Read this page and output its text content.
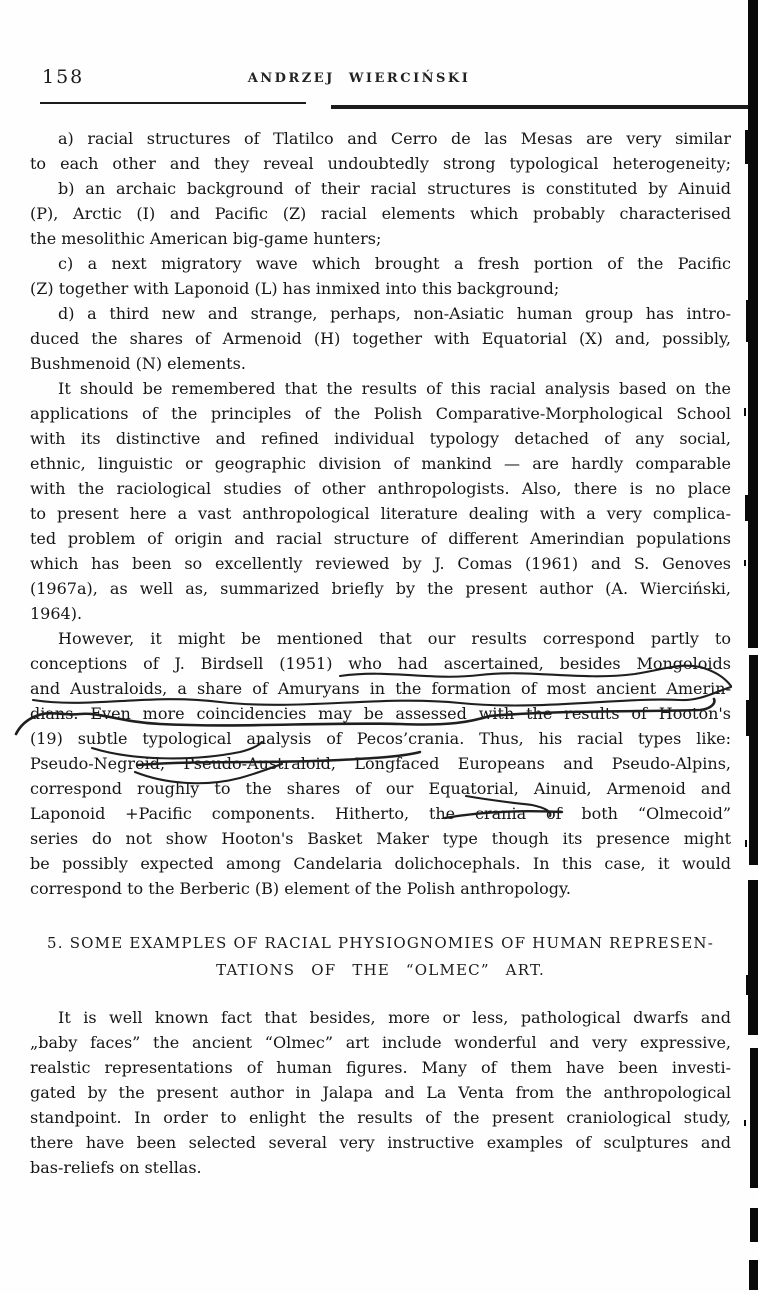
158	ANDRZEJ WIERCIŃSKI
a) racial structures of Tlatilco and Cerro de las Mesas are very similar
to each other and they reveal undoubtedly strong typological heterogeneity;
b) an archaic background of their racial structures is constituted by Ainuid
(P), Arctic (I) and Pacific (Z) racial elements which probably characterised
the mesolithic American big-game hunters;
c) a next migratory wave which brought a fresh portion of the Pacific
(Z) together with Laponoid (L) has inmixed into this background;
d) a third new and strange, perhaps, non-Asiatic human group has intro-
duced the shares of Armenoid (H) together with Equatorial (X) and, possibly,
Bushmenoid (N) elements.
It should be remembered that the results of this racial analysis based on the
applications of the principles of the Polish Comparative-Morphological School
with its distinctive and refined individual typology detached of any social,
ethnic, linguistic or geographic division of mankind — are hardly comparable
with the raciological studies of other anthropologists. Also, there is no place
to present here a vast anthropological literature dealing with a very complica-
ted problem of origin and racial structure of different Amerindian populations
which has been so excellently reviewed by J. Comas (1961) and S. Genoves
(1967a), as well as, summarized briefly by the present author (A. Wierciński,
1964).
However, it might be mentioned that our results correspond partly to
conceptions of J. Birdsell (1951) who had ascertained, besides Mongoloids
and Australoids, a share of Amuryans in the formation of most ancient Amerin-
dians. Even more coincidencies may be assessed with the results of Hooton's
(19) subtle typological analysis of Pecos’crania. Thus, his racial types like:
Pseudo-Negroid, Pseudo-Australoid, Longfaced Europeans and Pseudo-Alpins,
correspond roughly to the shares of our Equatorial, Ainuid, Armenoid and
Laponoid +Pacific components. Hitherto, the crania of both “Olmecoid”
series do not show Hooton's Basket Maker type though its presence might
be possibly expected among Candelaria dolichocephals. In this case, it would
correspond to the Berberic (B) element of the Polish anthropology.
5. SOME EXAMPLES OF RACIAL PHYSIOGNOMIES OF HUMAN REPRESEN-
TATIONS OF THE “OLMEC” ART.
It is well known fact that besides, more or less, pathological dwarfs and
„baby faces” the ancient “Olmec” art include wonderful and very expressive,
realstic representations of human figures. Many of them have been investi-
gated by the present author in Jalapa and La Venta from the anthropological
standpoint. In order to enlight the results of the present craniological study,
there have been selected several very instructive examples of sculptures and
bas-reliefs on stellas.
